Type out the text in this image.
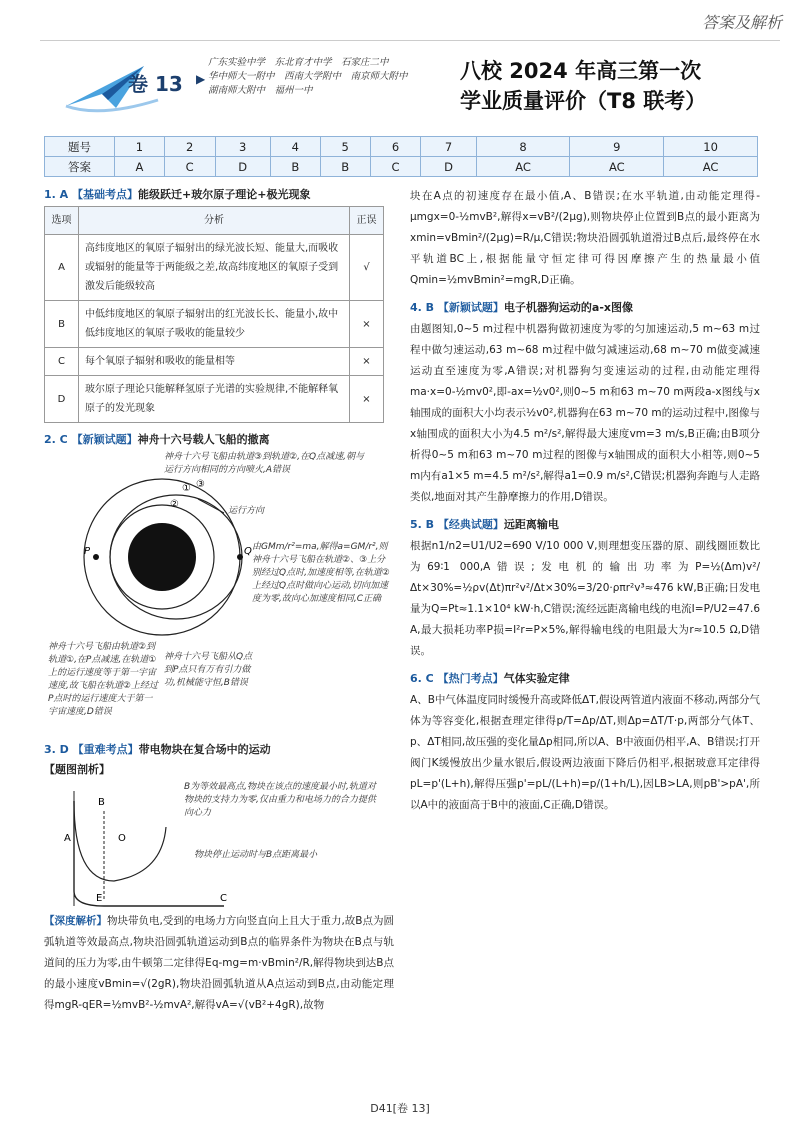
答案及解析
卷 13 ▶
广东实验中学　东北育才中学　石家庄二中
华中师大一附中　西南大学附中　南京师大附中
湖南师大附中　福州一中
八校 2024 年高三第一次
学业质量评价（T8 联考）
题号	1	2	3	4	5	6	7	8	9	10
答案	A	C	D	B	B	C	D	AC	AC	AC
1. A 【基础考点】能级跃迁+玻尔原子理论+极光现象
选项	分析	正误
A	高纬度地区的氧原子辐射出的绿光波长短、能量大,而吸收或辐射的能量等于两能级之差,故高纬度地区的氧原子受到激发后能级较高	√
B	中低纬度地区的氧原子辐射出的红光波长长、能量小,故中低纬度地区的氧原子吸收的能量较少	×
C	每个氧原子辐射和吸收的能量相等	×
D	玻尔原子理论只能解释氢原子光谱的实验规律,不能解释氧原子的发光现象	×
2. C 【新颖试题】神舟十六号载人飞船的撤离
P	Q
① ③
②
神舟十六号飞船由轨道③到轨道②,在Q点减速,朝与运行方向相同的方向喷火,A错误
运行方向
由GMm/r²=ma,解得a=GM/r²,则神舟十六号飞船在轨道②、③上分别经过Q点时,加速度相等,在轨道②上经过Q点时做向心运动,切向加速度为零,故向心加速度相同,C正确
神舟十六号飞船由轨道②到轨道①,在P点减速,在轨道①上的运行速度等于第一宇宙速度,故飞船在轨道②上经过P点时的运行速度大于第一宇宙速度,D错误
神舟十六号飞船从Q点到P点只有万有引力做功,机械能守恒,B错误
3. D 【重难考点】带电物块在复合场中的运动
【题图剖析】
A
B
O
E	C
B为等效最高点,物块在该点的速度最小时,轨道对物块的支持力为零,仅由重力和电场力的合力提供向心力
物块停止运动时与B点距离最小

【深度解析】物块带负电,受到的电场力方向竖直向上且大于重力,故B点为圆弧轨道等效最高点,物块沿圆弧轨道运动到B点的临界条件为物块在B点与轨道间的压力为零,由牛顿第二定律得Eq-mg=m·vBmin²/R,解得物块到达B点的最小速度vBmin=√(2gR),物块沿圆弧轨道从A点运动到B点,由动能定理得mgR-qER=½mvB²-½mvA²,解得vA=√(vB²+4gR),故物

块在A点的初速度存在最小值,A、B错误;在水平轨道,由动能定理得-μmgx=0-½mvB²,解得x=vB²/(2μg),则物块停止位置到B点的最小距离为xmin=vBmin²/(2μg)=R/μ,C错误;物块沿圆弧轨道滑过B点后,最终停在水平轨道BC上,根据能量守恒定律可得因摩擦产生的热量最小值Qmin=½mvBmin²=mgR,D正确。

4. B 【新颖试题】电子机器狗运动的a-x图像

由题图知,0~5 m过程中机器狗做初速度为零的匀加速运动,5 m~63 m过程中做匀速运动,63 m~68 m过程中做匀减速运动,68 m~70 m做变减速运动直至速度为零,A错误;对机器狗匀变速运动的过程,由动能定理得ma·x=0-½mv0²,即-ax=½v0²,则0~5 m和63 m~70 m两段a-x图线与x轴围成的面积大小均表示½v0²,机器狗在63 m~70 m的运动过程中,图像与x轴围成的面积大小为4.5 m²/s²,解得最大速度vm=3 m/s,B正确;由B项分析得0~5 m和63 m~70 m过程的图像与x轴围成的面积大小相等,则0~5 m内有a1×5 m=4.5 m²/s²,解得a1=0.9 m/s²,C错误;机器狗奔跑与人走路类似,地面对其产生静摩擦力的作用,D错误。

5. B 【经典试题】远距离输电

根据n1/n2=U1/U2=690 V/10 000 V,则理想变压器的原、副线圈匝数比为69∶1 000,A错误;发电机的输出功率为P=½(Δm)v²/Δt×30%=½ρv(Δt)πr²v²/Δt×30%=3/20·ρπr²v³≈476 kW,B正确;日发电量为Q=Pt≈1.1×10⁴ kW·h,C错误;流经远距离输电线的电流I=P/U2=47.6 A,最大损耗功率P损=I²r=P×5%,解得输电线的电阻最大为r≈10.5 Ω,D错误。

6. C 【热门考点】气体实验定律

A、B中气体温度同时缓慢升高或降低ΔT,假设两管道内液面不移动,两部分气体为等容变化,根据查理定律得p/T=Δp/ΔT,则Δp=ΔT/T·p,两部分气体T、p、ΔT相同,故压强的变化量Δp相同,所以A、B中液面仍相平,A、B错误;打开阀门K缓慢放出少量水银后,假设两边液面下降后仍相平,根据玻意耳定律得pL=p'(L+h),解得压强p'=pL/(L+h)=p/(1+h/L),因LB>LA,则pB'>pA',所以A中的液面高于B中的液面,C正确,D错误。

D41[卷 13]
